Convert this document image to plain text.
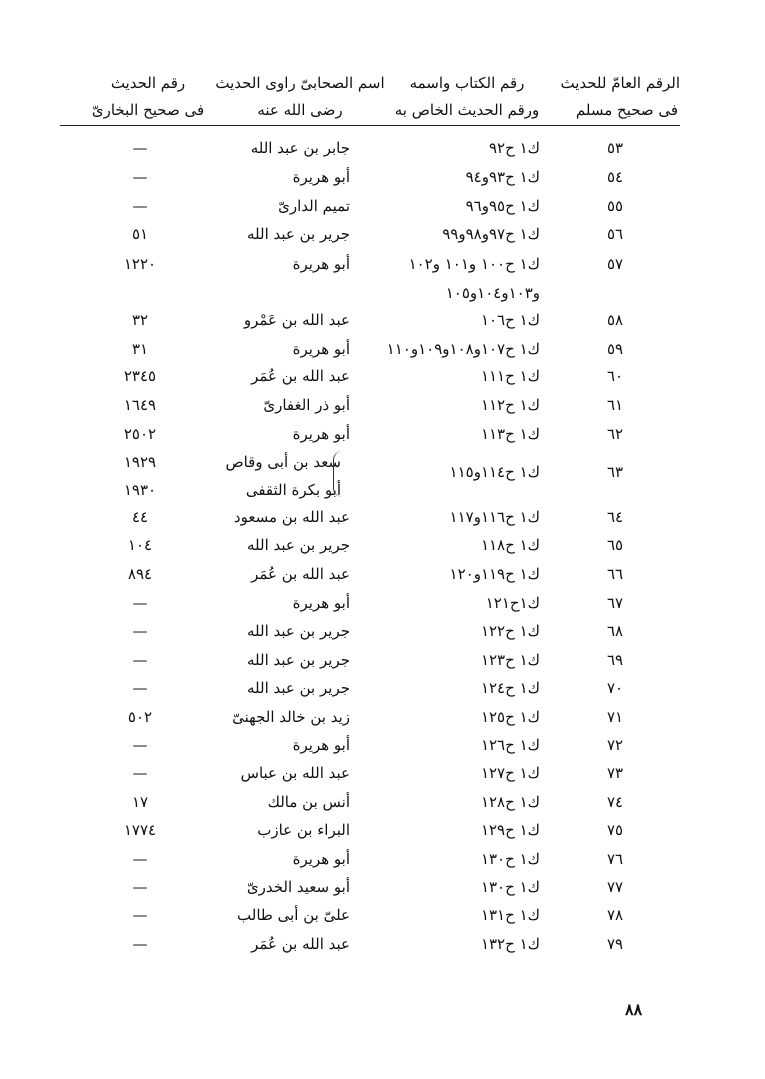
الرقم العامّ للحديث
فى صحيح مسلم
رقم الكتاب واسمه
ورقم الحديث الخاص به
اسم الصحابىّ راوى الحديث
رضى الله عنه
رقم الحديث
فى صحيح البخارىّ
٥٣
ك١ ح٩٢
جابر بن عبد الله
—
٥٤
ك١ ح٩٣و٩٤
أبو هريرة
—
٥٥
ك١ ح٩٥و٩٦
تميم الدارىّ
—
٥٦
ك١ ح٩٧و٩٨و٩٩
جرير بن عبد الله
٥١
٥٧
ك١ ح١٠٠ و١٠١ و١٠٢
أبو هريرة
١٢٢٠
و١٠٣و١٠٤و١٠٥
٥٨
ك١ ح١٠٦
عبد الله بن عَمْرو
٣٢
٥٩
ك١ ح١٠٧و١٠٨و١٠٩و١١٠
أبو هريرة
٣١
٦٠
ك١ ح١١١
عبد الله بن عُمَر
٢٣٤٥
٦١
ك١ ح١١٢
أبو ذر الغفارىّ
١٦٤٩
٦٢
ك١ ح١١٣
أبو هريرة
٢٥٠٢
٦٣
ك١ ح١١٤و١١٥
سعد بن أبى وقاص
أبو بكرة الثقفى
١٩٢٩
١٩٣٠
٦٤
ك١ ح١١٦و١١٧
عبد الله بن مسعود
٤٤
٦٥
ك١ ح١١٨
جرير بن عبد الله
١٠٤
٦٦
ك١ ح١١٩و١٢٠
عبد الله بن عُمَر
٨٩٤
٦٧
ك١ح١٢١
أبو هريرة
—
٦٨
ك١ ح١٢٢
جرير بن عبد الله
—
٦٩
ك١ ح١٢٣
جرير بن عبد الله
—
٧٠
ك١ ح١٢٤
جرير بن عبد الله
—
٧١
ك١ ح١٢٥
زيد بن خالد الجهنىّ
٥٠٢
٧٢
ك١ ح١٢٦
أبو هريرة
—
٧٣
ك١ ح١٢٧
عبد الله بن عباس
—
٧٤
ك١ ح١٢٨
أنس بن مالك
١٧
٧٥
ك١ ح١٢٩
البراء بن عازب
١٧٧٤
٧٦
ك١ ح١٣٠
أبو هريرة
—
٧٧
ك١ ح١٣٠
أبو سعيد الخدرىّ
—
٧٨
ك١ ح١٣١
علىّ بن أبى طالب
—
٧٩
ك١ ح١٣٢
عبد الله بن عُمَر
—
٨٨
